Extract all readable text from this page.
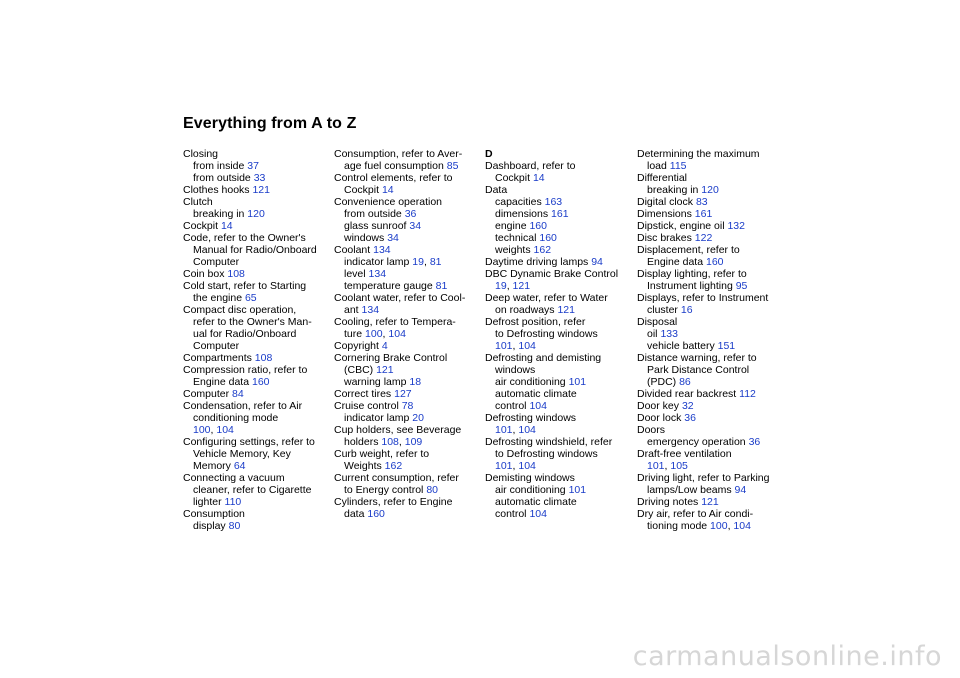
Everything from A to Z
Closing
from inside 37
from outside 33
Clothes hooks 121
Clutch
breaking in 120
Cockpit 14
Code, refer to the Owner's
Manual for Radio/Onboard
Computer
Coin box 108
Cold start, refer to Starting
the engine 65
Compact disc operation,
refer to the Owner's Man-
ual for Radio/Onboard
Computer
Compartments 108
Compression ratio, refer to
Engine data 160
Computer 84
Condensation, refer to Air
conditioning mode
100, 104
Configuring settings, refer to
Vehicle Memory, Key
Memory 64
Connecting a vacuum
cleaner, refer to Cigarette
lighter 110
Consumption
display 80
Consumption, refer to Aver-
age fuel consumption 85
Control elements, refer to
Cockpit 14
Convenience operation
from outside 36
glass sunroof 34
windows 34
Coolant 134
indicator lamp 19, 81
level 134
temperature gauge 81
Coolant water, refer to Cool-
ant 134
Cooling, refer to Tempera-
ture 100, 104
Copyright 4
Cornering Brake Control
(CBC) 121
warning lamp 18
Correct tires 127
Cruise control 78
indicator lamp 20
Cup holders, see Beverage
holders 108, 109
Curb weight, refer to
Weights 162
Current consumption, refer
to Energy control 80
Cylinders, refer to Engine
data 160
D
Dashboard, refer to
Cockpit 14
Data
capacities 163
dimensions 161
engine 160
technical 160
weights 162
Daytime driving lamps 94
DBC Dynamic Brake Control
19, 121
Deep water, refer to Water
on roadways 121
Defrost position, refer
to Defrosting windows
101, 104
Defrosting and demisting
windows
air conditioning 101
automatic climate
control 104
Defrosting windows
101, 104
Defrosting windshield, refer
to Defrosting windows
101, 104
Demisting windows
air conditioning 101
automatic climate
control 104
Determining the maximum
load 115
Differential
breaking in 120
Digital clock 83
Dimensions 161
Dipstick, engine oil 132
Disc brakes 122
Displacement, refer to
Engine data 160
Display lighting, refer to
Instrument lighting 95
Displays, refer to Instrument
cluster 16
Disposal
oil 133
vehicle battery 151
Distance warning, refer to
Park Distance Control
(PDC) 86
Divided rear backrest 112
Door key 32
Door lock 36
Doors
emergency operation 36
Draft-free ventilation
101, 105
Driving light, refer to Parking
lamps/Low beams 94
Driving notes 121
Dry air, refer to Air condi-
tioning mode 100, 104
carmanualsonline.info
